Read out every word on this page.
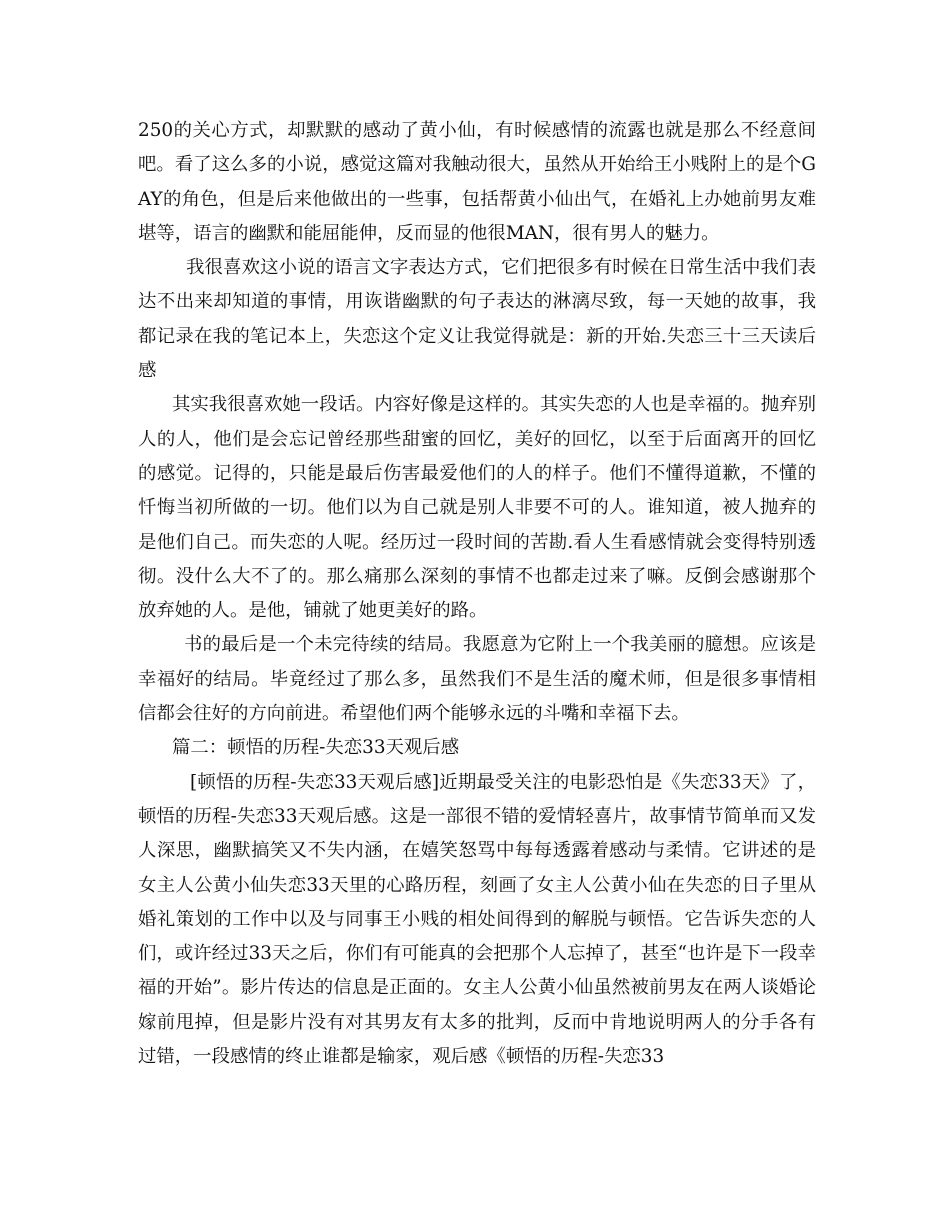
250的关心方式，却默默的感动了黄小仙，有时候感情的流露也就是那么不经意间吧。看了这么多的小说，感觉这篇对我触动很大，虽然从开始给王小贱附上的是个GAY的角色，但是后来他做出的一些事，包括帮黄小仙出气，在婚礼上办她前男友难堪等，语言的幽默和能屈能伸，反而显的他很MAN，很有男人的魅力。

我很喜欢这小说的语言文字表达方式，它们把很多有时候在日常生活中我们表达不出来却知道的事情，用诙谐幽默的句子表达的淋漓尽致，每一天她的故事，我都记录在我的笔记本上，失恋这个定义让我觉得就是：新的开始.失恋三十三天读后感

其实我很喜欢她一段话。内容好像是这样的。其实失恋的人也是幸福的。抛弃别人的人，他们是会忘记曾经那些甜蜜的回忆，美好的回忆，以至于后面离开的回忆的感觉。记得的，只能是最后伤害最爱他们的人的样子。他们不懂得道歉，不懂的忏悔当初所做的一切。他们以为自己就是别人非要不可的人。谁知道，被人抛弃的是他们自己。而失恋的人呢。经历过一段时间的苦勘.看人生看感情就会变得特别透彻。没什么大不了的。那么痛那么深刻的事情不也都走过来了嘛。反倒会感谢那个放弃她的人。是他，铺就了她更美好的路。

书的最后是一个未完待续的结局。我愿意为它附上一个我美丽的臆想。应该是幸福好的结局。毕竟经过了那么多，虽然我们不是生活的魔术师，但是很多事情相信都会往好的方向前进。希望他们两个能够永远的斗嘴和幸福下去。

篇二：顿悟的历程-失恋33天观后感

[顿悟的历程-失恋33天观后感]近期最受关注的电影恐怕是《失恋33天》了，顿悟的历程-失恋33天观后感。这是一部很不错的爱情轻喜片，故事情节简单而又发人深思，幽默搞笑又不失内涵，在嬉笑怒骂中每每透露着感动与柔情。它讲述的是女主人公黄小仙失恋33天里的心路历程，刻画了女主人公黄小仙在失恋的日子里从婚礼策划的工作中以及与同事王小贱的相处间得到的解脱与顿悟。它告诉失恋的人们，或许经过33天之后，你们有可能真的会把那个人忘掉了，甚至“也许是下一段幸福的开始”。影片传达的信息是正面的。女主人公黄小仙虽然被前男友在两人谈婚论嫁前甩掉，但是影片没有对其男友有太多的批判，反而中肯地说明两人的分手各有过错，一段感情的终止谁都是输家，观后感《顿悟的历程-失恋33
